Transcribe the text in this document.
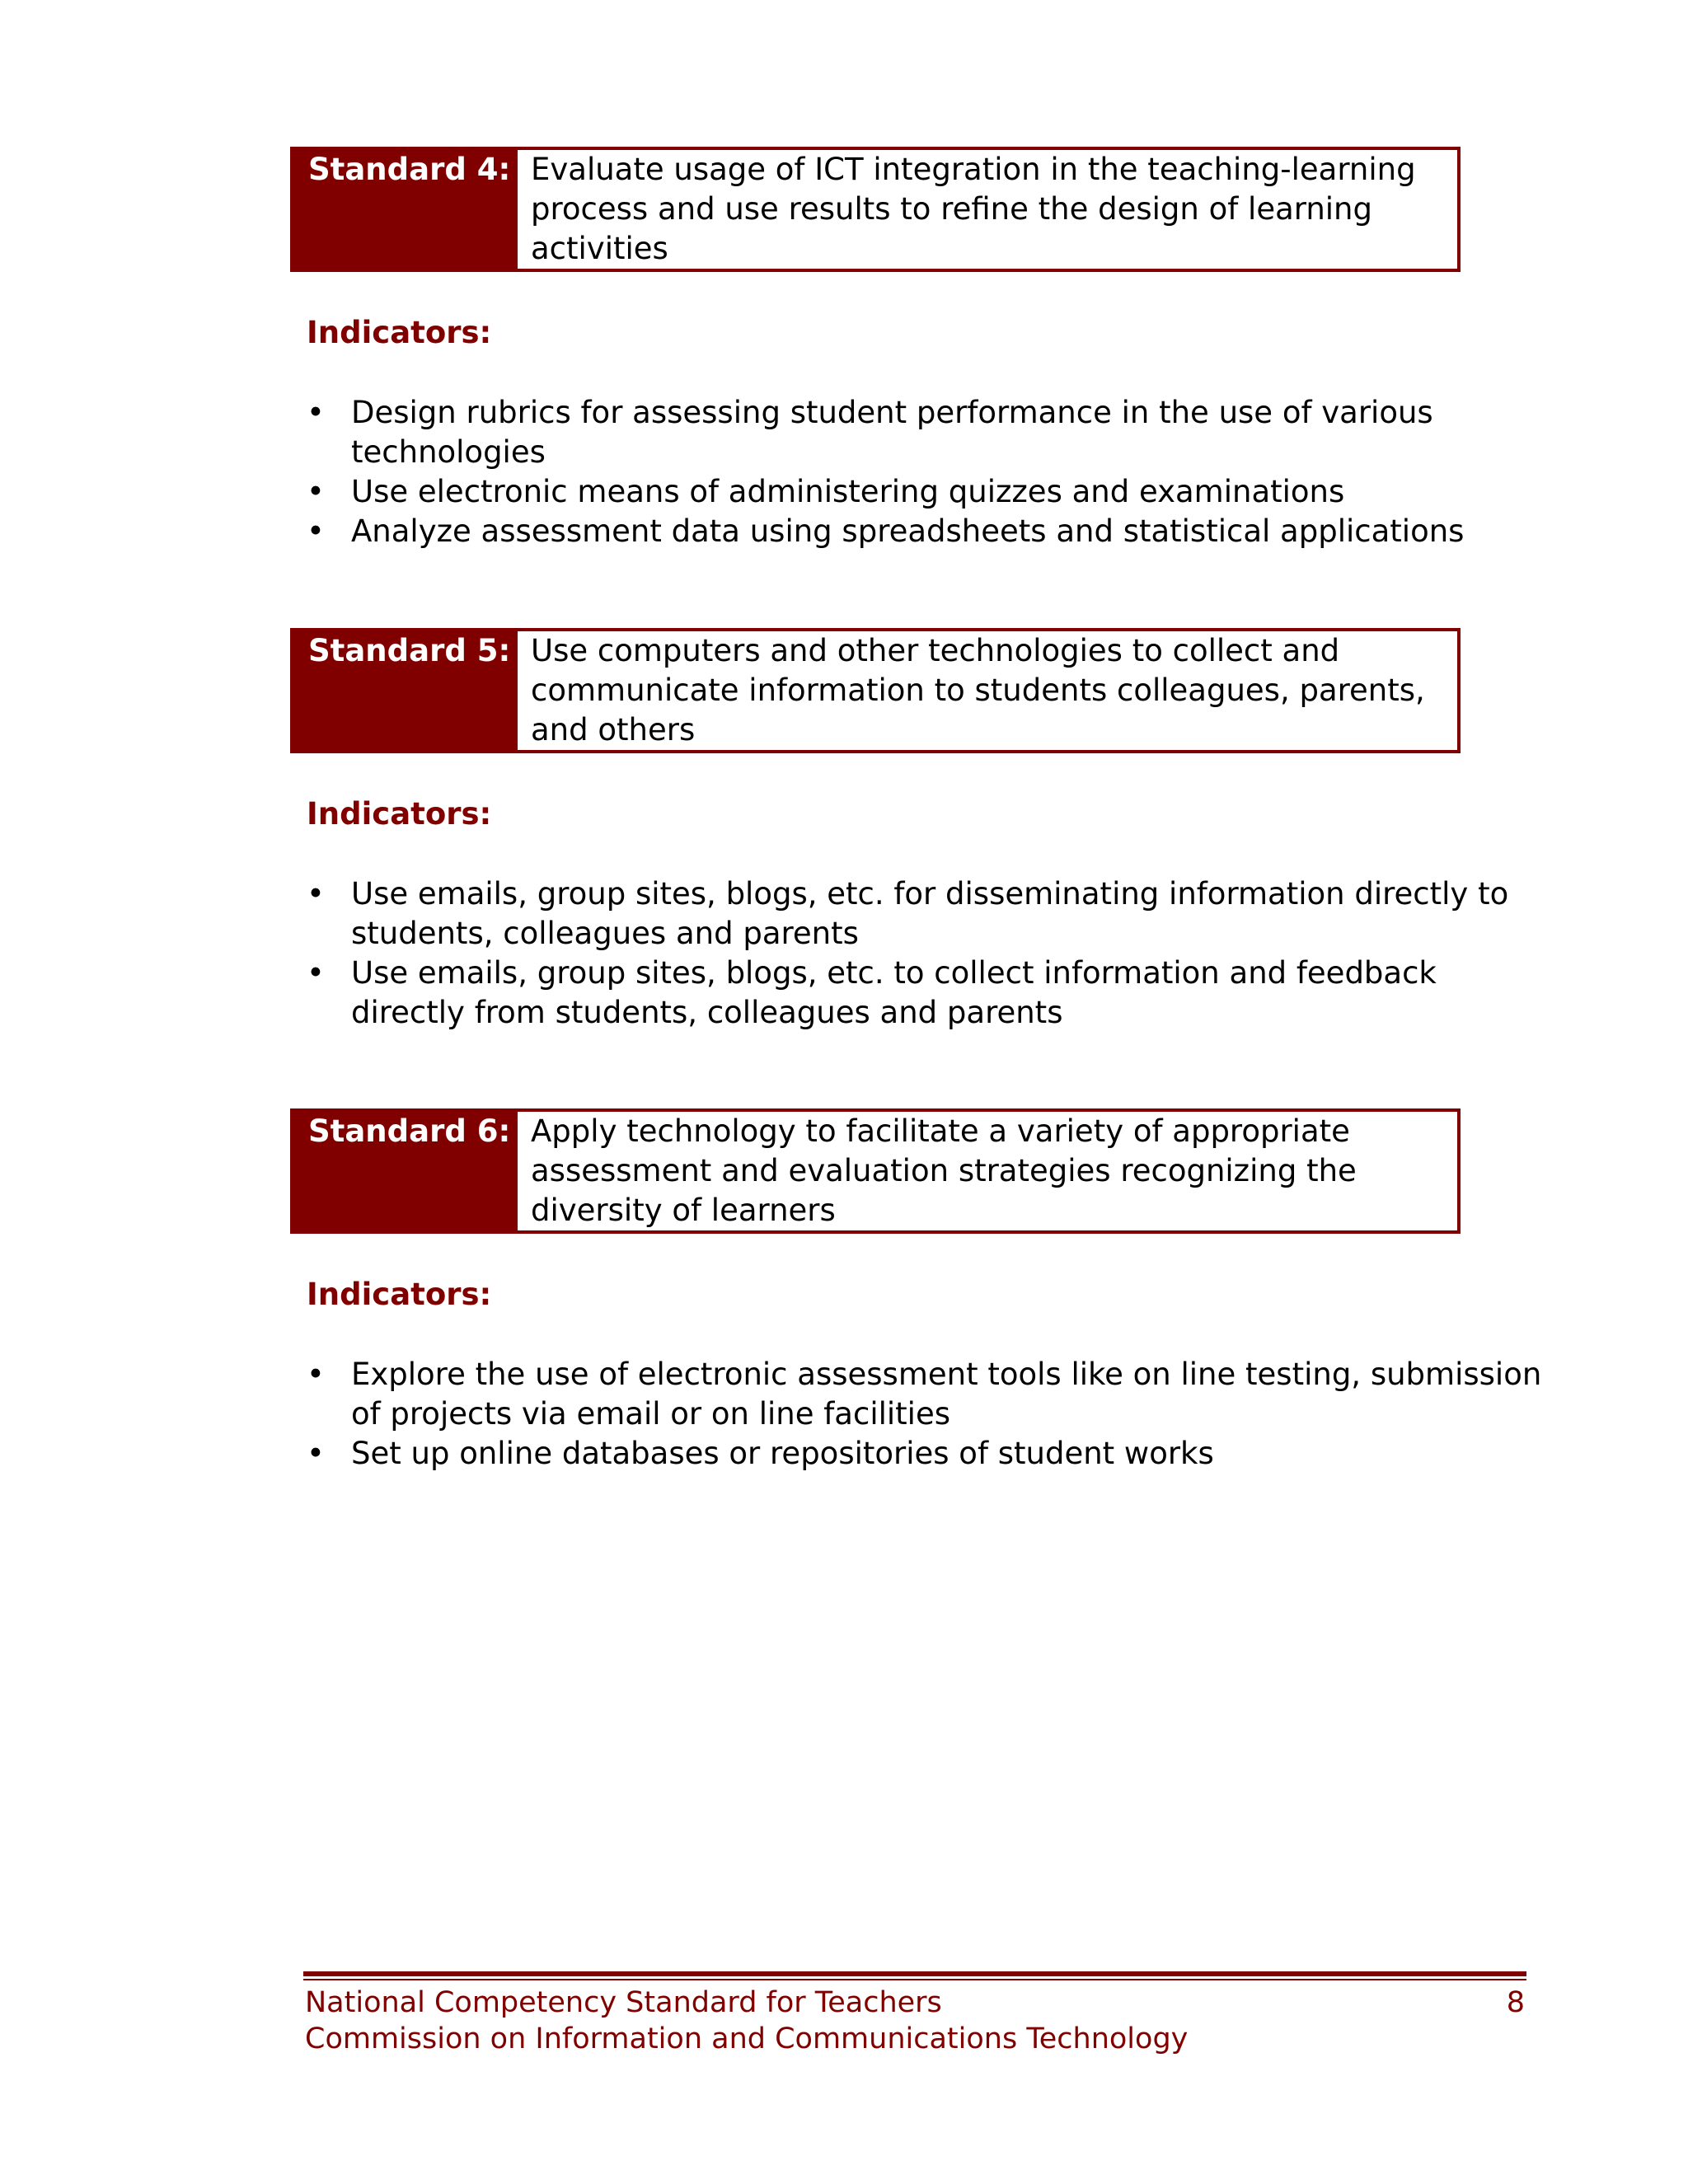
Standard 4: Evaluate usage of ICT integration in the teaching-learning process and use results to refine the design of learning activities
Indicators:
• Design rubrics for assessing student performance in the use of various technologies
• Use electronic means of administering quizzes and examinations
• Analyze assessment data using spreadsheets and statistical applications
Standard 5: Use computers and other technologies to collect and communicate information to students colleagues, parents, and others
Indicators:
• Use emails, group sites, blogs, etc. for disseminating information directly to students, colleagues and parents
• Use emails, group sites, blogs, etc. to collect information and feedback directly from students, colleagues and parents
Standard 6: Apply technology to facilitate a variety of appropriate assessment and evaluation strategies recognizing the diversity of learners
Indicators:
• Explore the use of electronic assessment tools like on line testing, submission of projects via email or on line facilities
• Set up online databases or repositories of student works
National Competency Standard for Teachers
Commission on Information and Communications Technology
8
